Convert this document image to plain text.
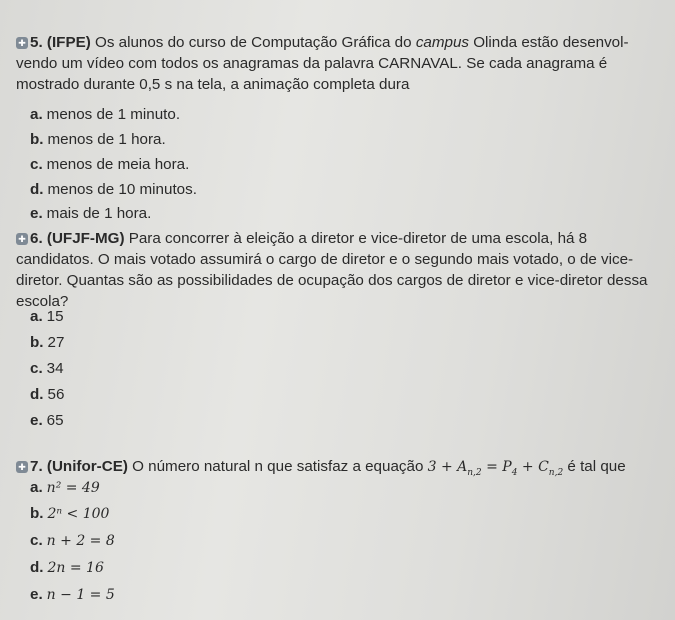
✚ 5. (IFPE) Os alunos do curso de Computação Gráfica do campus Olinda estão desenvol-vendo um vídeo com todos os anagramas da palavra CARNAVAL. Se cada anagrama é mostrado durante 0,5 s na tela, a animação completa dura
a. menos de 1 minuto.
b. menos de 1 hora.
c. menos de meia hora.
d. menos de 10 minutos.
e. mais de 1 hora.
✚ 6. (UFJF-MG) Para concorrer à eleição a diretor e vice-diretor de uma escola, há 8 candidatos. O mais votado assumirá o cargo de diretor e o segundo mais votado, o de vice-diretor. Quantas são as possibilidades de ocupação dos cargos de diretor e vice-diretor dessa escola?
a. 15
b. 27
c. 34
d. 56
e. 65
✚ 7. (Unifor-CE) O número natural n que satisfaz a equação $3 + A_{n,2} = P_4 + C_{n,2}$ é tal que
a. n² = 49
b. 2ⁿ < 100
c. n + 2 = 8
d. 2n = 16
e. n − 1 = 5
